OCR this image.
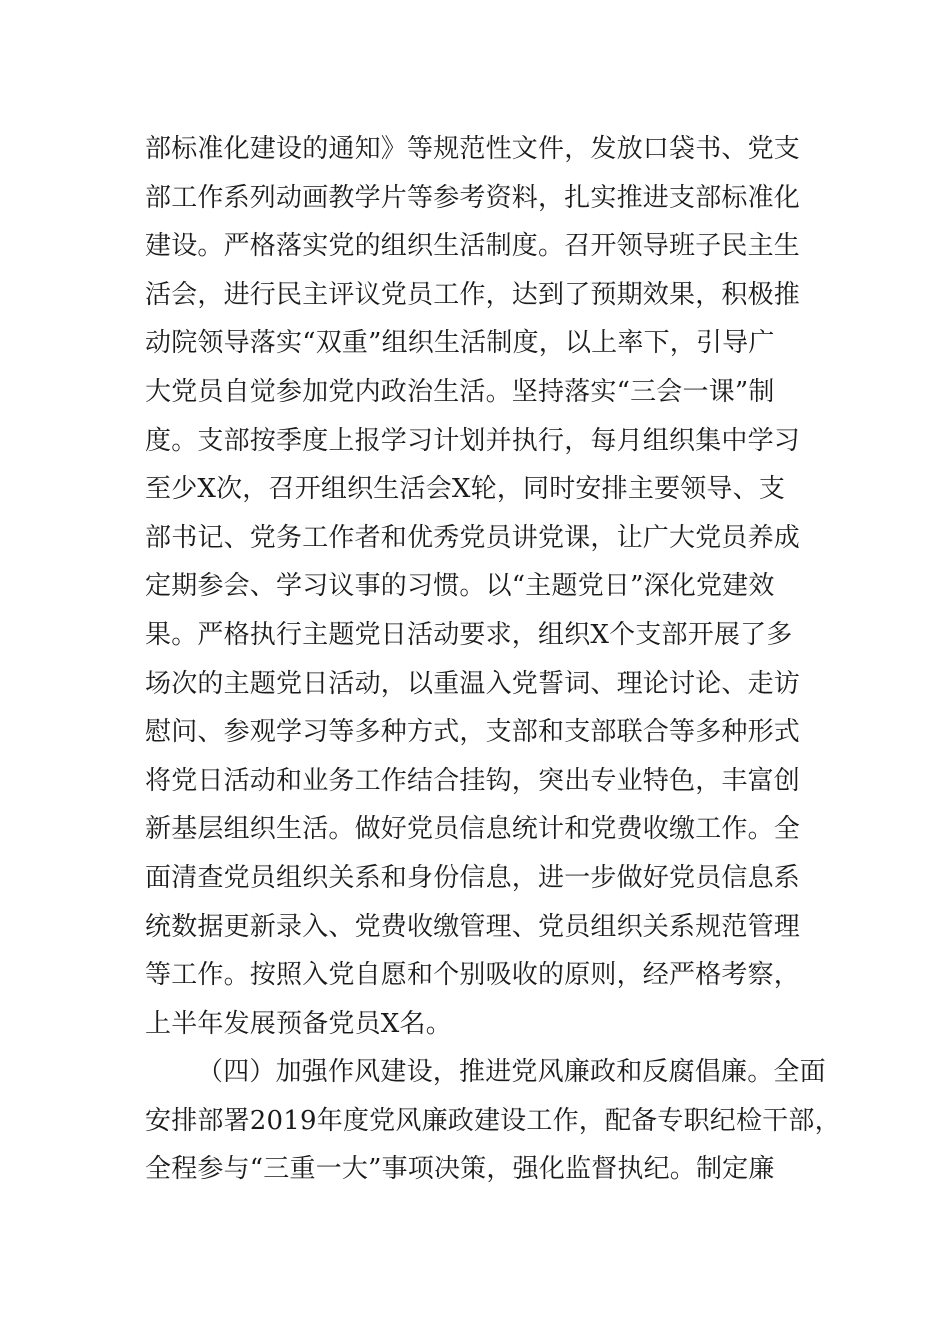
部标准化建设的通知》等规范性文件，发放口袋书、党支
部工作系列动画教学片等参考资料，扎实推进支部标准化
建设。严格落实党的组织生活制度。召开领导班子民主生
活会，进行民主评议党员工作，达到了预期效果，积极推
动院领导落实“双重”组织生活制度，以上率下，引导广
大党员自觉参加党内政治生活。坚持落实“三会一课”制
度。支部按季度上报学习计划并执行，每月组织集中学习
至少X次，召开组织生活会X轮，同时安排主要领导、支
部书记、党务工作者和优秀党员讲党课，让广大党员养成
定期参会、学习议事的习惯。以“主题党日”深化党建效
果。严格执行主题党日活动要求，组织X个支部开展了多
场次的主题党日活动，以重温入党誓词、理论讨论、走访
慰问、参观学习等多种方式，支部和支部联合等多种形式
将党日活动和业务工作结合挂钩，突出专业特色，丰富创
新基层组织生活。做好党员信息统计和党费收缴工作。全
面清查党员组织关系和身份信息，进一步做好党员信息系
统数据更新录入、党费收缴管理、党员组织关系规范管理
等工作。按照入党自愿和个别吸收的原则，经严格考察，
上半年发展预备党员X名。
（四）加强作风建设，推进党风廉政和反腐倡廉。全面
安排部署2019年度党风廉政建设工作，配备专职纪检干部，
全程参与“三重一大”事项决策，强化监督执纪。制定廉
